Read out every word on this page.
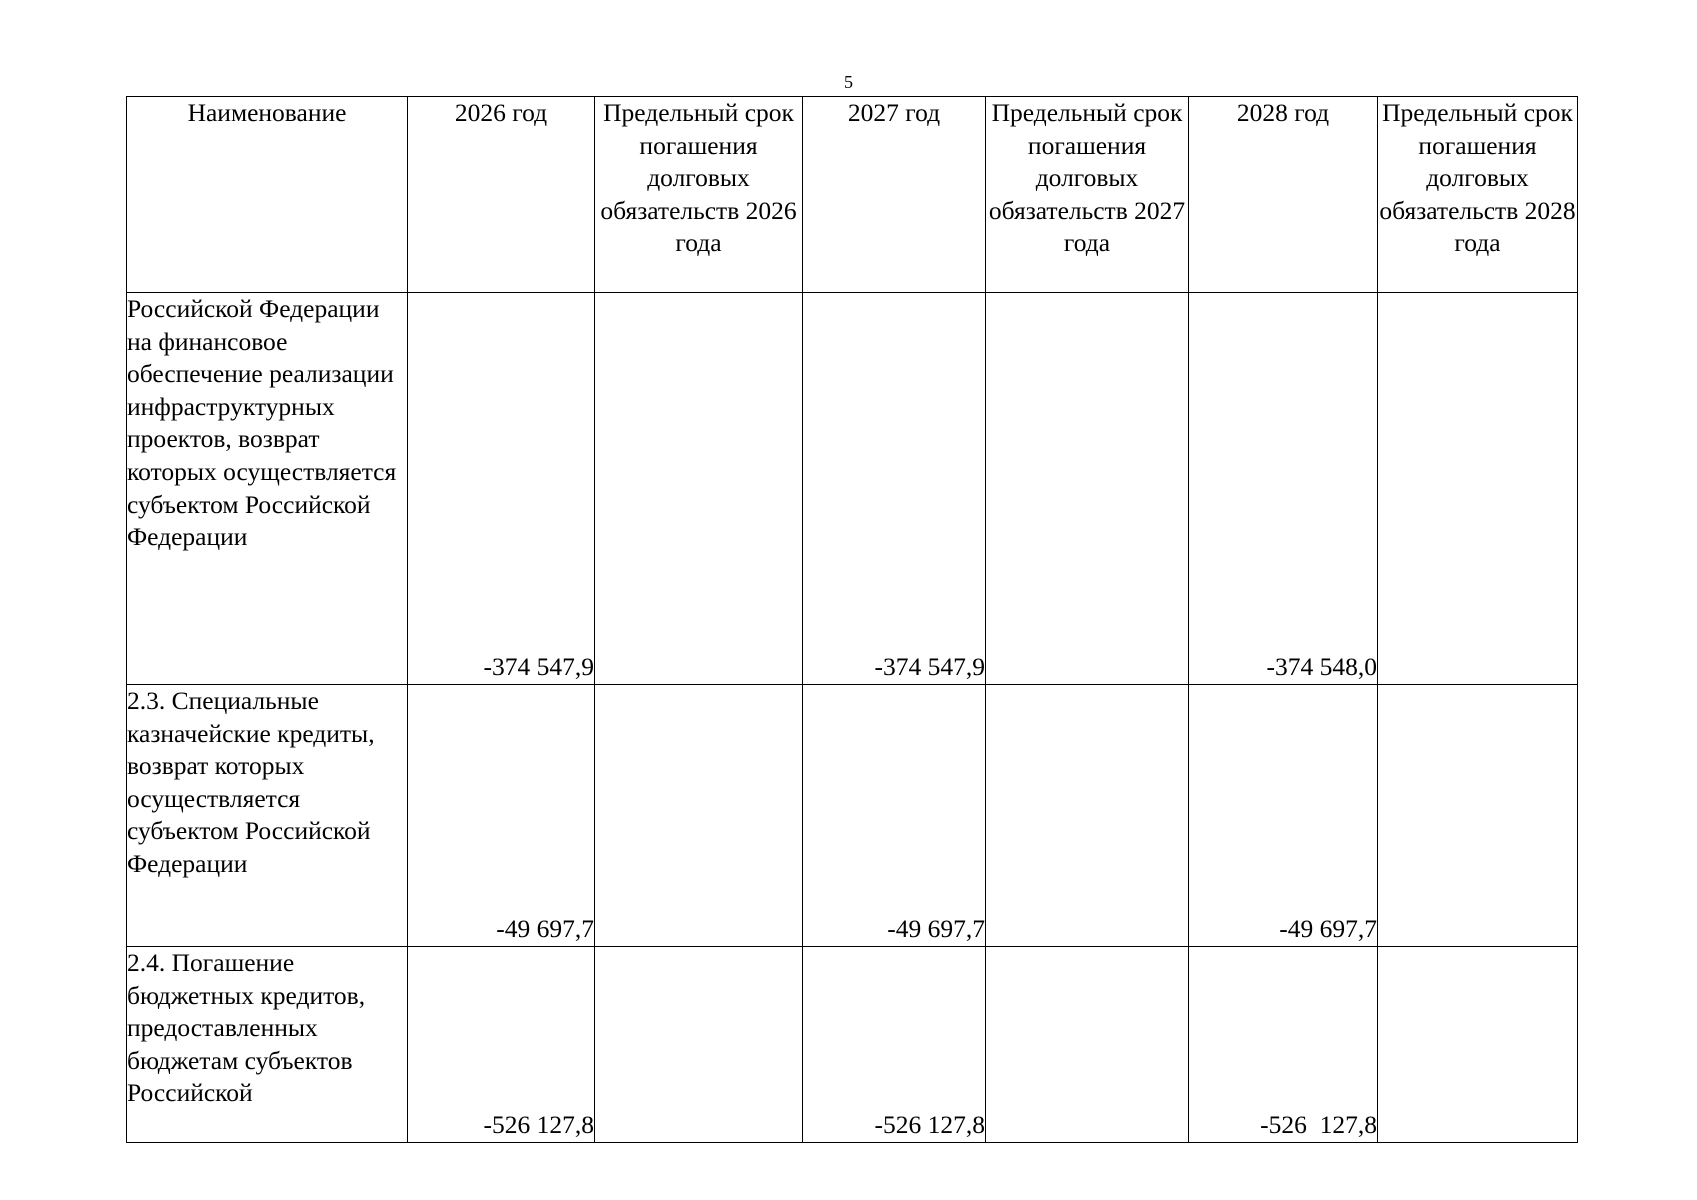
5
Наименование	2026 год	Предельный срок погашения долговых обязательств 2026 года	2027 год	Предельный срок погашения долговых обязательств 2027 года	2028 год	Предельный срок погашения долговых обязательств 2028 года
Российской Федерации на финансовое обеспечение реализации инфраструктурных проектов, возврат которых осуществляется субъектом Российской Федерации	-374 547,9		-374 547,9		-374 548,0	
2.3. Специальные казначейские кредиты, возврат которых осуществляется субъектом Российской Федерации	-49 697,7		-49 697,7		-49 697,7	
2.4. Погашение бюджетных кредитов, предоставленных бюджетам субъектов Российской	-526 127,8		-526 127,8		-526  127,8	
